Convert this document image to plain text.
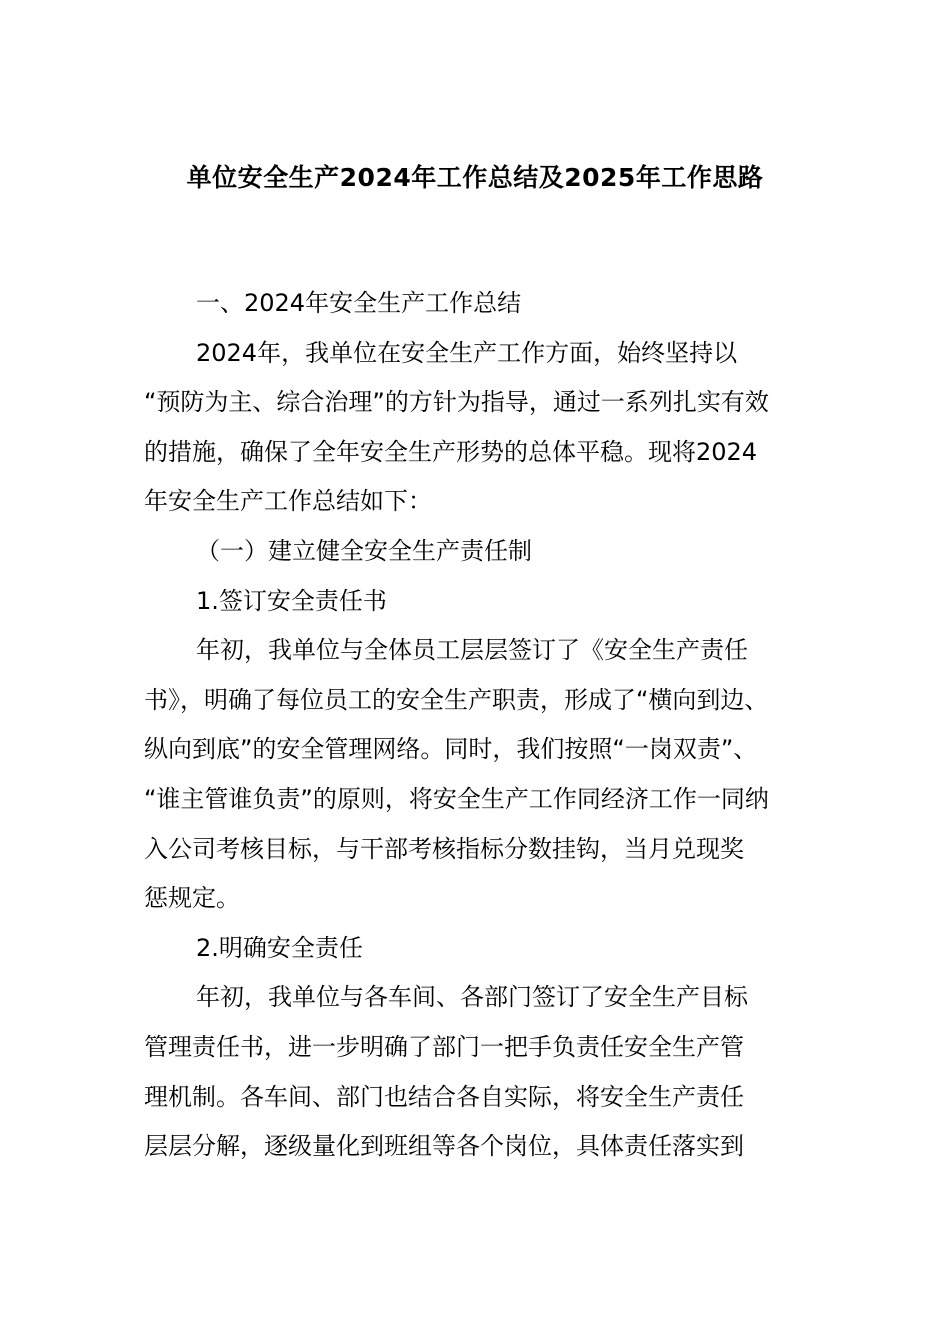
单位安全生产2024年工作总结及2025年工作思路

一、2024年安全生产工作总结

2024年，我单位在安全生产工作方面，始终坚持以

“预防为主、综合治理”的方针为指导，通过一系列扎实有效

的措施，确保了全年安全生产形势的总体平稳。现将2024

年安全生产工作总结如下：

（一）建立健全安全生产责任制

1.签订安全责任书

年初，我单位与全体员工层层签订了《安全生产责任

书》，明确了每位员工的安全生产职责，形成了“横向到边、

纵向到底”的安全管理网络。同时，我们按照“一岗双责”、

“谁主管谁负责”的原则，将安全生产工作同经济工作一同纳

入公司考核目标，与干部考核指标分数挂钩，当月兑现奖

惩规定。

2.明确安全责任

年初，我单位与各车间、各部门签订了安全生产目标

管理责任书，进一步明确了部门一把手负责任安全生产管

理机制。各车间、部门也结合各自实际，将安全生产责任

层层分解，逐级量化到班组等各个岗位，具体责任落实到
